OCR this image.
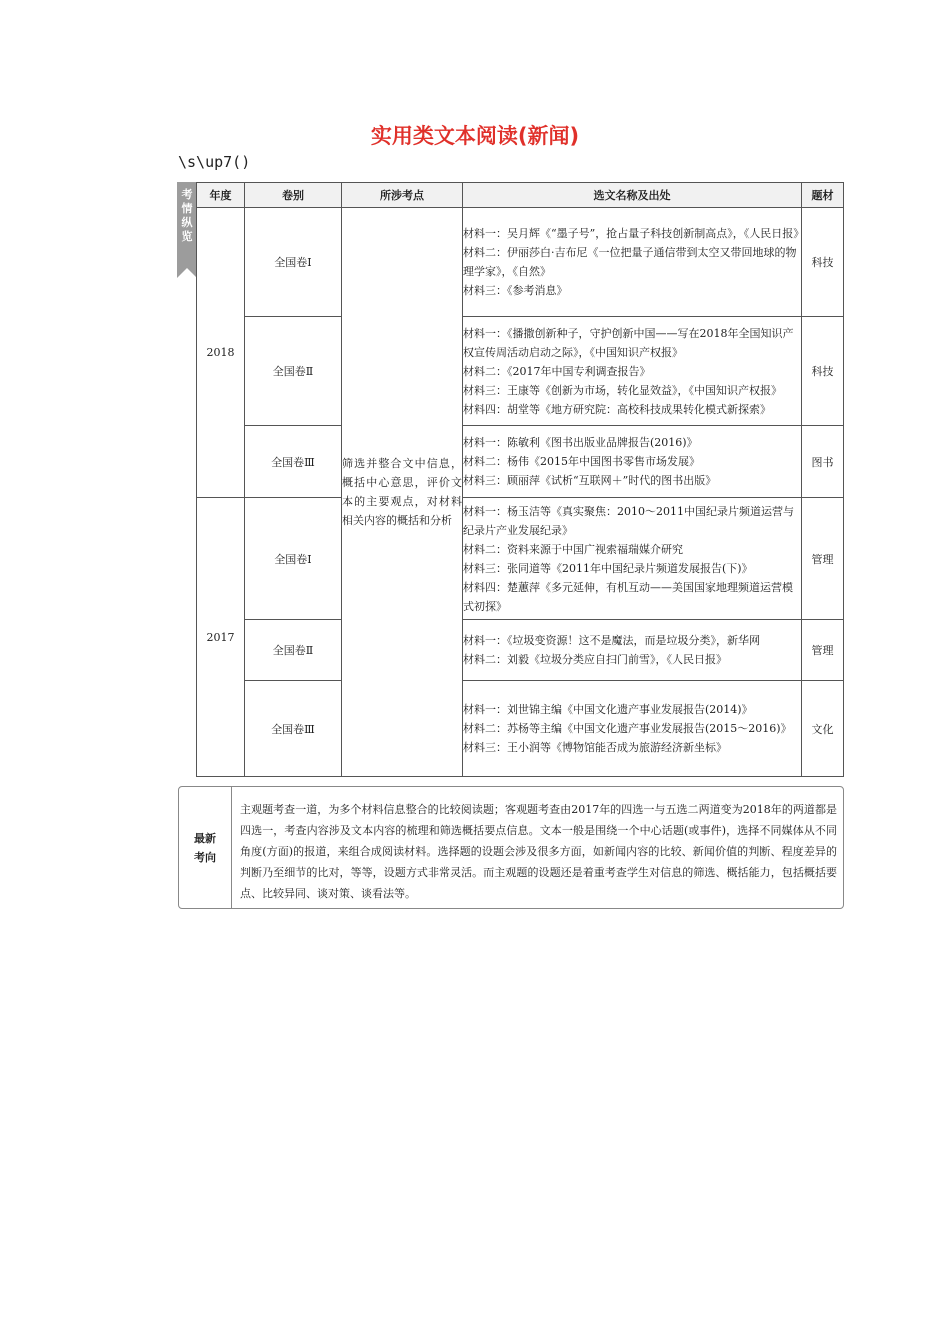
实用类文本阅读(新闻)
\s\up7()
考情纵览
年度	卷别	所涉考点	选文名称及出处	题材
2018	全国卷Ⅰ	筛选并整合文中信息，概括中心意思，评价文本的主要观点，对材料相关内容的概括和分析	材料一：吴月辉《“墨子号”，抢占量子科技创新制高点》，《人民日报》
材料二：伊丽莎白·吉布尼《一位把量子通信带到太空又带回地球的物理学家》，《自然》
材料三：《参考消息》	科技
	全国卷Ⅱ		材料一：《播撒创新种子，守护创新中国——写在2018年全国知识产权宣传周活动启动之际》，《中国知识产权报》
材料二：《2017年中国专利调查报告》
材料三：王康等《创新为市场，转化显效益》，《中国知识产权报》
材料四：胡堂等《地方研究院：高校科技成果转化模式新探索》	科技
	全国卷Ⅲ		材料一：陈敏利《图书出版业品牌报告(2016)》
材料二：杨伟《2015年中国图书零售市场发展》
材料三：顾丽萍《试析“互联网＋”时代的图书出版》	图书
2017	全国卷Ⅰ		材料一：杨玉洁等《真实聚焦：2010～2011中国纪录片频道运营与纪录片产业发展纪录》
材料二：资料来源于中国广视索福瑞媒介研究
材料三：张同道等《2011年中国纪录片频道发展报告(下)》
材料四：楚蕙萍《多元延伸，有机互动——美国国家地理频道运营模式初探》	管理
	全国卷Ⅱ		材料一：《垃圾变资源！这不是魔法，而是垃圾分类》，新华网
材料二：刘毅《垃圾分类应自扫门前雪》，《人民日报》	管理
	全国卷Ⅲ		材料一：刘世锦主编《中国文化遗产事业发展报告(2014)》
材料二：苏杨等主编《中国文化遗产事业发展报告(2015～2016)》
材料三：王小润等《博物馆能否成为旅游经济新坐标》	文化
最新考向
主观题考查一道，为多个材料信息整合的比较阅读题；客观题考查由2017年的四选一与五选二两道变为2018年的两道都是四选一，考查内容涉及文本内容的梳理和筛选概括要点信息。文本一般是围绕一个中心话题(或事件)，选择不同媒体从不同角度(方面)的报道，来组合成阅读材料。选择题的设题会涉及很多方面，如新闻内容的比较、新闻价值的判断、程度差异的判断乃至细节的比对，等等，设题方式非常灵活。而主观题的设题还是着重考查学生对信息的筛选、概括能力，包括概括要点、比较异同、谈对策、谈看法等。
